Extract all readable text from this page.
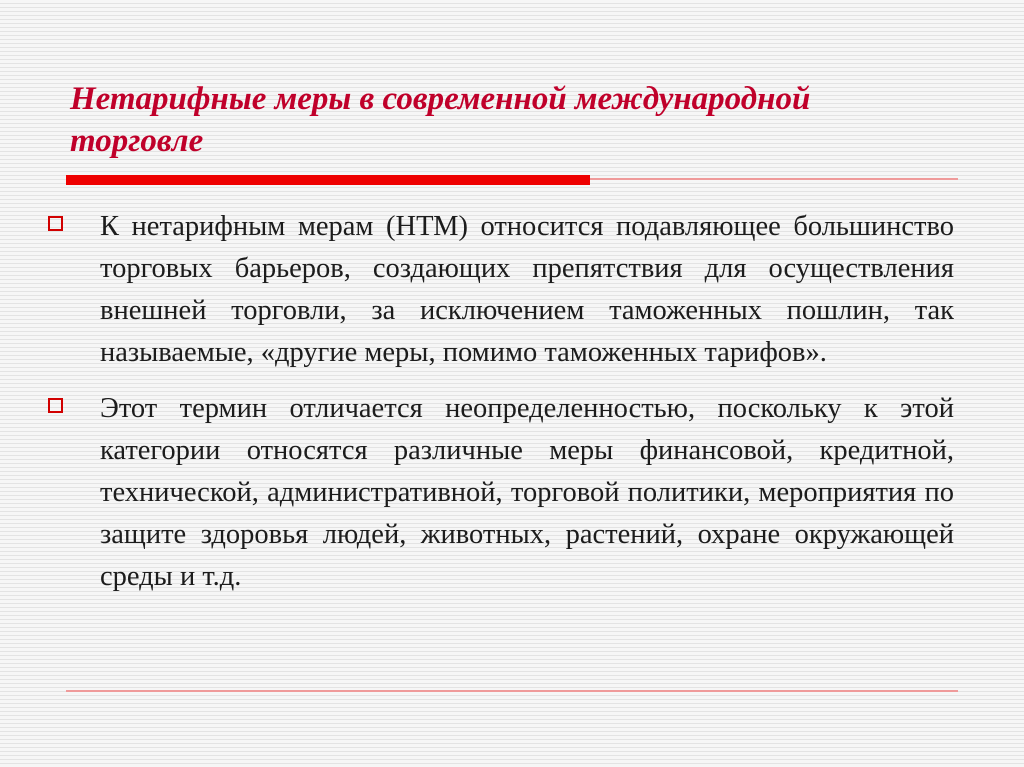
Нетарифные меры в современной международной торговле
К нетарифным мерам (НТМ) относится подавляющее большинство торговых барьеров, создающих препятствия для осуществления внешней торговли, за исключением таможенных пошлин, так называемые, «другие меры, помимо таможенных тарифов».
Этот термин отличается неопределенностью, поскольку к этой категории относятся различные меры финансовой, кредитной, технической, административной, торговой политики, мероприятия по защите здоровья людей, животных, растений, охране окружающей среды и т.д.
